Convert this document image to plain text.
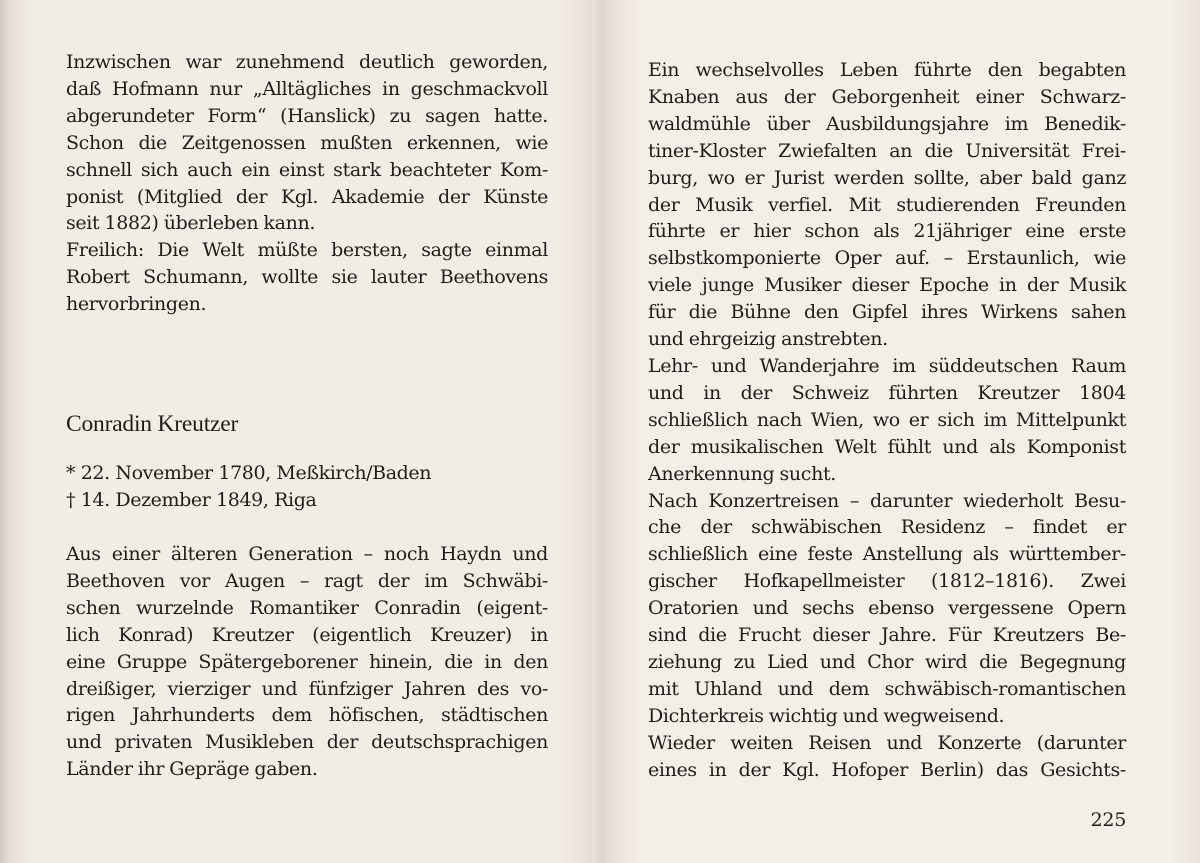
Inzwischen war zunehmend deutlich geworden,
daß Hofmann nur „Alltägliches in geschmackvoll
abgerundeter Form“ (Hanslick) zu sagen hatte.
Schon die Zeitgenossen mußten erkennen, wie
schnell sich auch ein einst stark beachteter Kom-
ponist (Mitglied der Kgl. Akademie der Künste
seit 1882) überleben kann.
Freilich: Die Welt müßte bersten, sagte einmal
Robert Schumann, wollte sie lauter Beethovens
hervorbringen.
Conradin Kreutzer
* 22. November 1780, Meßkirch/Baden
† 14. Dezember 1849, Riga
Aus einer älteren Generation – noch Haydn und
Beethoven vor Augen – ragt der im Schwäbi-
schen wurzelnde Romantiker Conradin (eigent-
lich Konrad) Kreutzer (eigentlich Kreuzer) in
eine Gruppe Spätergeborener hinein, die in den
dreißiger, vierziger und fünfziger Jahren des vo-
rigen Jahrhunderts dem höfischen, städtischen
und privaten Musikleben der deutschsprachigen
Länder ihr Gepräge gaben.
Ein wechselvolles Leben führte den begabten
Knaben aus der Geborgenheit einer Schwarz-
waldmühle über Ausbildungsjahre im Benedik-
tiner-Kloster Zwiefalten an die Universität Frei-
burg, wo er Jurist werden sollte, aber bald ganz
der Musik verfiel. Mit studierenden Freunden
führte er hier schon als 21jähriger eine erste
selbstkomponierte Oper auf. – Erstaunlich, wie
viele junge Musiker dieser Epoche in der Musik
für die Bühne den Gipfel ihres Wirkens sahen
und ehrgeizig anstrebten.
Lehr- und Wanderjahre im süddeutschen Raum
und in der Schweiz führten Kreutzer 1804
schließlich nach Wien, wo er sich im Mittelpunkt
der musikalischen Welt fühlt und als Komponist
Anerkennung sucht.
Nach Konzertreisen – darunter wiederholt Besu-
che der schwäbischen Residenz – findet er
schließlich eine feste Anstellung als württember-
gischer Hofkapellmeister (1812–1816). Zwei
Oratorien und sechs ebenso vergessene Opern
sind die Frucht dieser Jahre. Für Kreutzers Be-
ziehung zu Lied und Chor wird die Begegnung
mit Uhland und dem schwäbisch-romantischen
Dichterkreis wichtig und wegweisend.
Wieder weiten Reisen und Konzerte (darunter
eines in der Kgl. Hofoper Berlin) das Gesichts-
225
